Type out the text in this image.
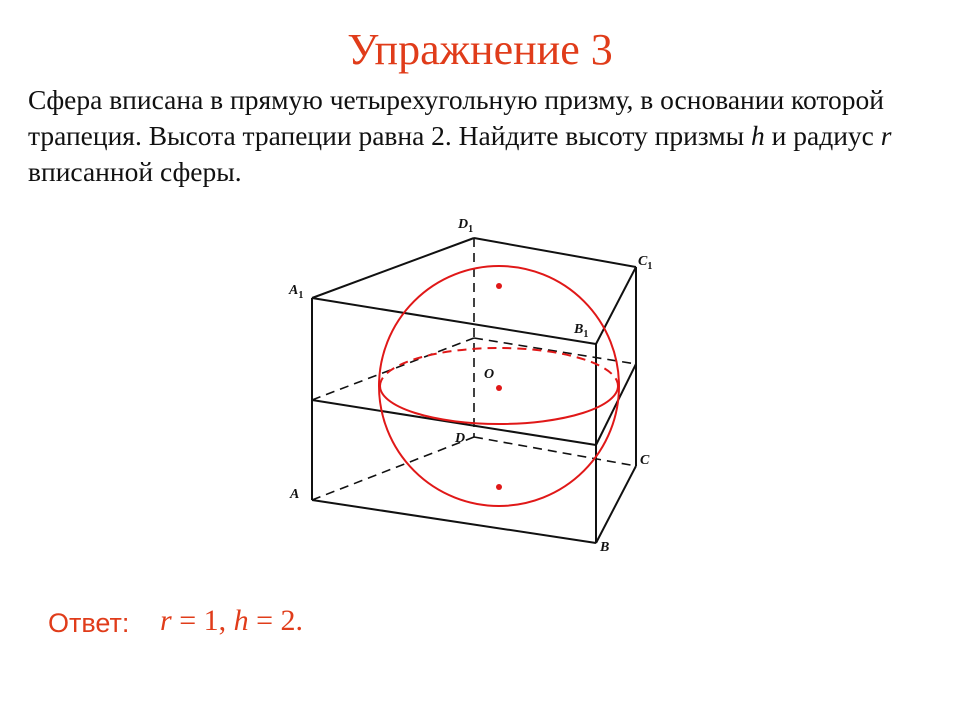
Упражнение 3
Сфера вписана в прямую четырехугольную призму, в основании которой трапеция. Высота трапеции равна 2. Найдите высоту призмы h и радиус r вписанной сферы.
$D_1$
$C_1$
$A_1$
$B_1$
O
D
C
A
B
Ответ: r = 1, h = 2.
